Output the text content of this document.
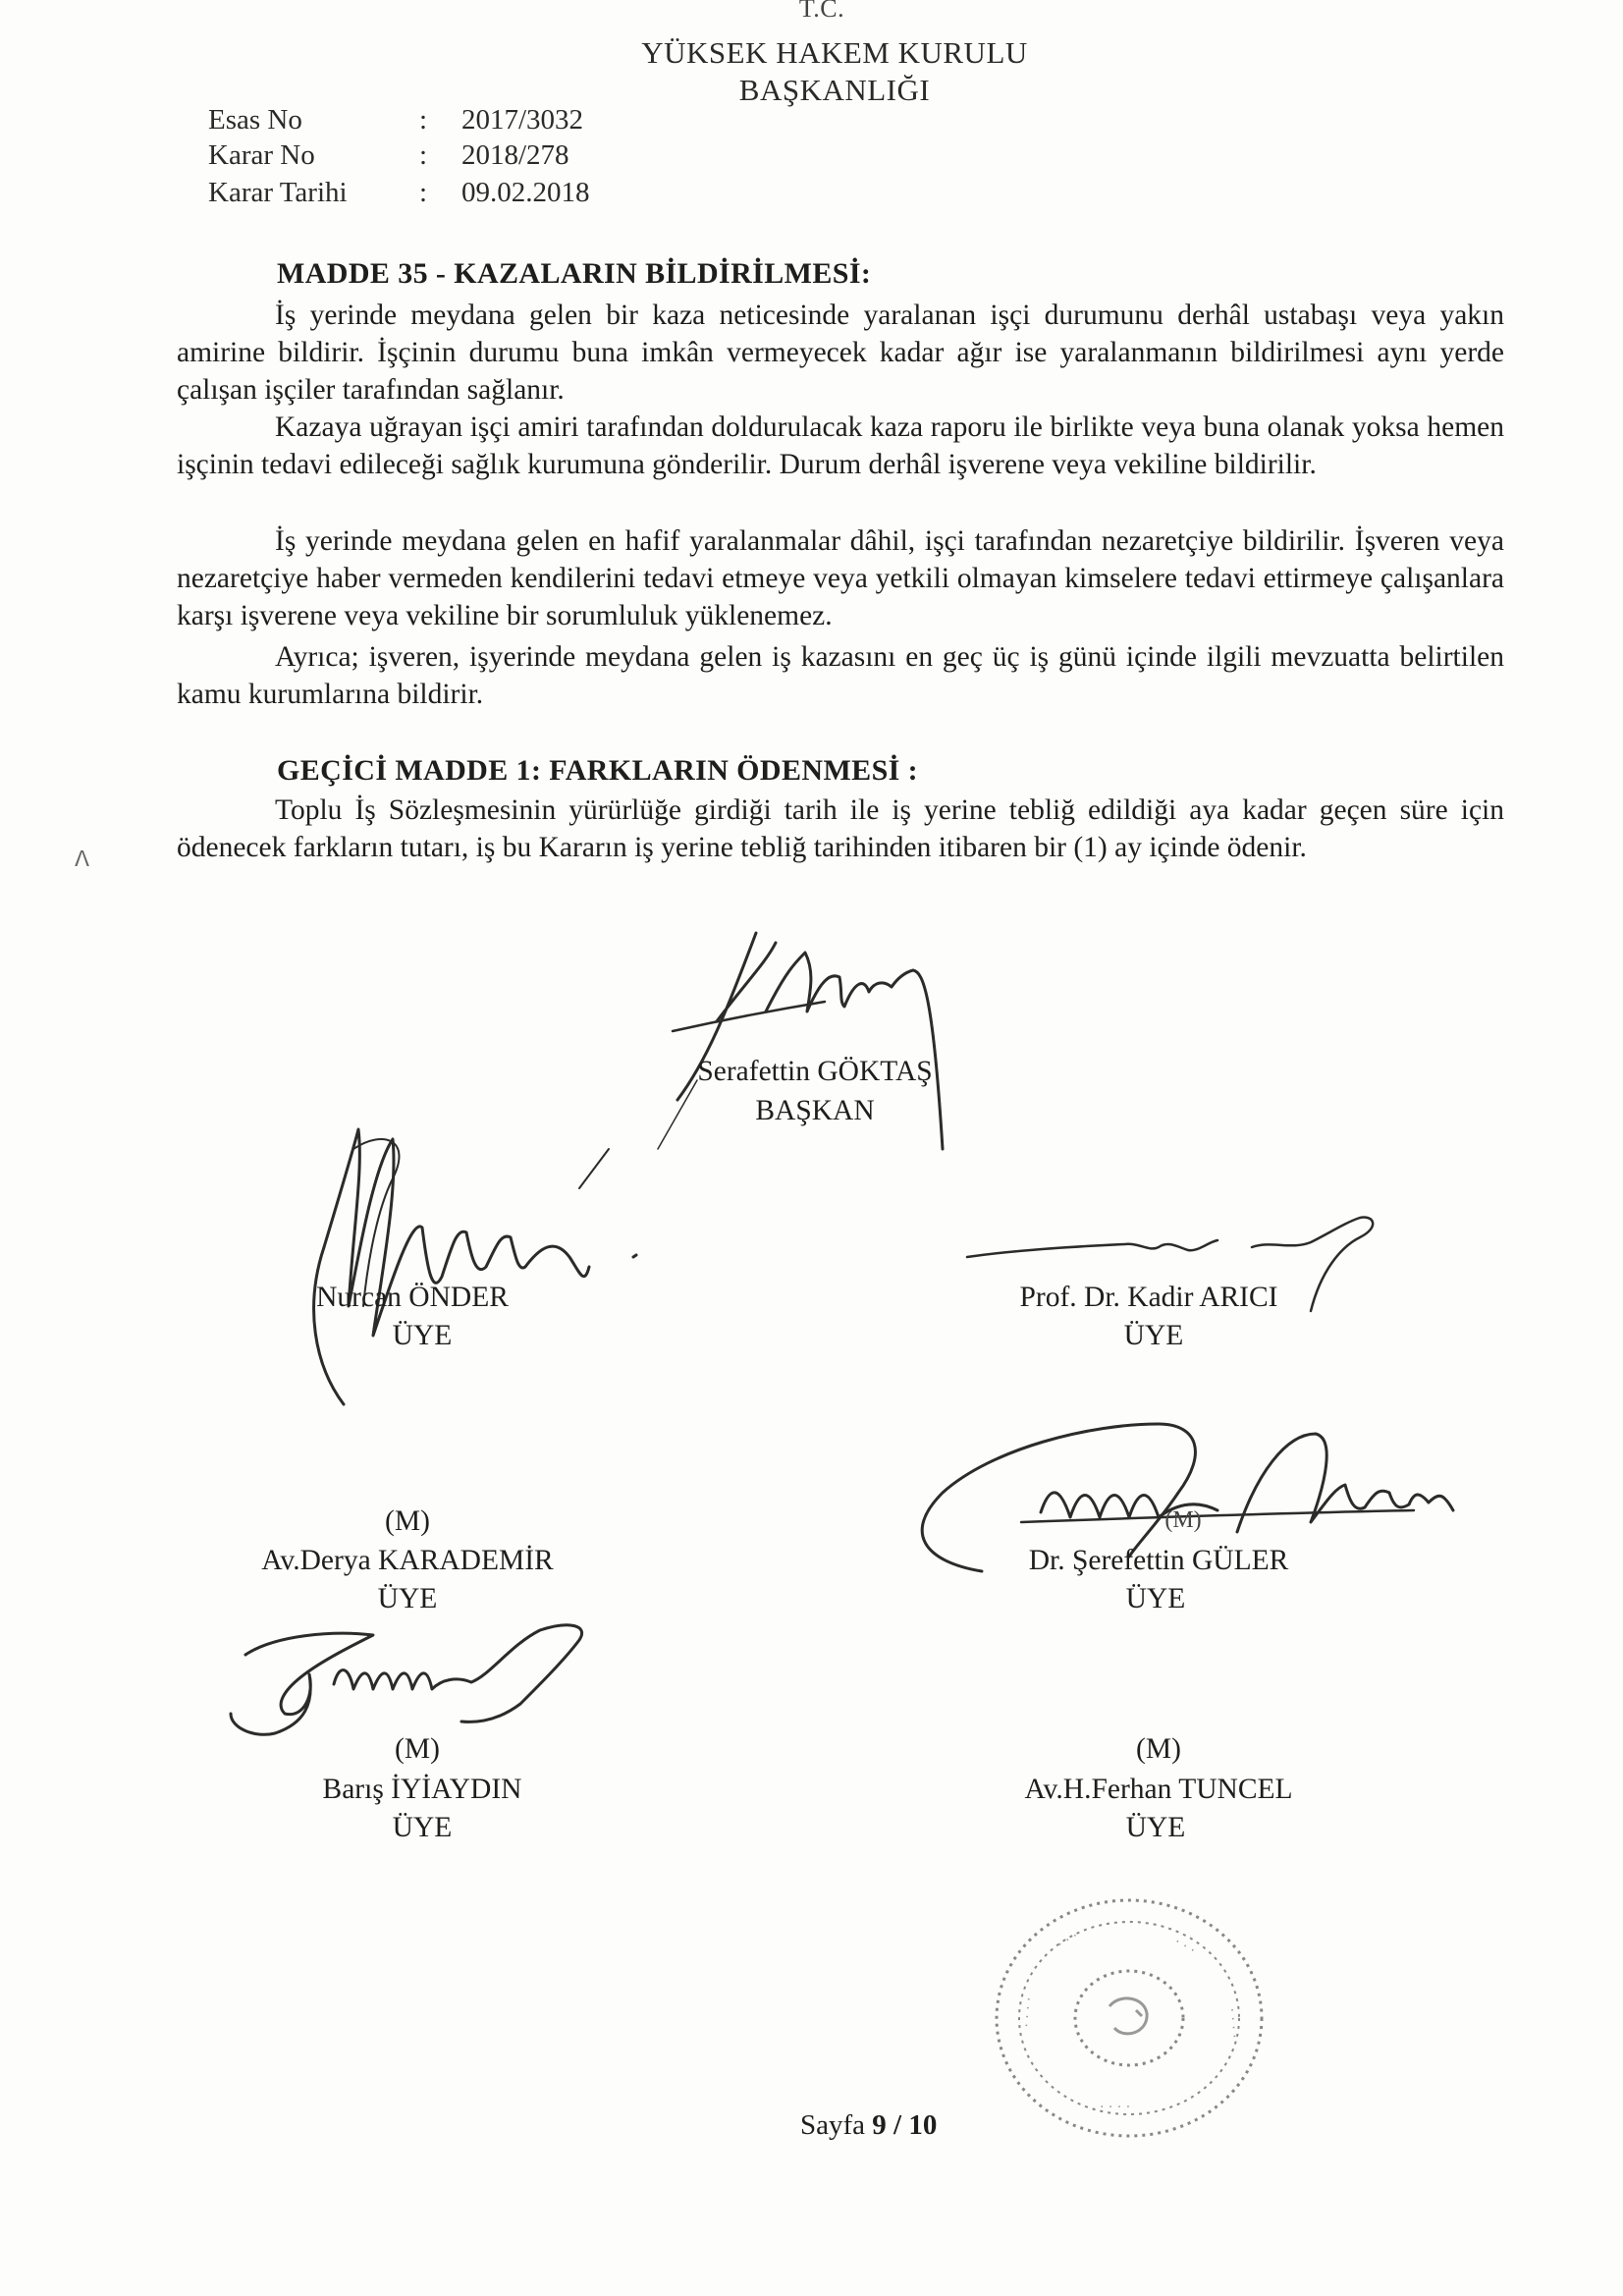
T.C.
YÜKSEK HAKEM KURULU
BAŞKANLIĞI
Esas No	: 2017/3032
Karar No	: 2018/278
Karar Tarihi	: 09.02.2018
MADDE 35 - KAZALARIN BİLDİRİLMESİ:
İş yerinde meydana gelen bir kaza neticesinde yaralanan işçi durumunu derhâl ustabaşı veya yakın amirine bildirir. İşçinin durumu buna imkân vermeyecek kadar ağır ise yaralanmanın bildirilmesi aynı yerde çalışan işçiler tarafından sağlanır.
Kazaya uğrayan işçi amiri tarafından doldurulacak kaza raporu ile birlikte veya buna olanak yoksa hemen işçinin tedavi edileceği sağlık kurumuna gönderilir. Durum derhâl işverene veya vekiline bildirilir.
İş yerinde meydana gelen en hafif yaralanmalar dâhil, işçi tarafından nezaretçiye bildirilir. İşveren veya nezaretçiye haber vermeden kendilerini tedavi etmeye veya yetkili olmayan kimselere tedavi ettirmeye çalışanlara karşı işverene veya vekiline bir sorumluluk yüklenemez.
Ayrıca; işveren, işyerinde meydana gelen iş kazasını en geç üç iş günü içinde ilgili mevzuatta belirtilen kamu kurumlarına bildirir.
GEÇİCİ MADDE 1: FARKLARIN ÖDENMESİ :
Toplu İş Sözleşmesinin yürürlüğe girdiği tarih ile iş yerine tebliğ edildiği aya kadar geçen süre için ödenecek farkların tutarı, iş bu Kararın iş yerine tebliğ tarihinden itibaren bir (1) ay içinde ödenir.
ⴷ
Serafettin GÖKTAŞ
BAŞKAN
Nurcan ÖNDER
ÜYE
Prof. Dr. Kadir ARICI
ÜYE
(M)
Av.Derya KARADEMİR
ÜYE
(M)
Dr. Şerefettin GÜLER
ÜYE
(M)
Barış İYİAYDIN
ÜYE
(M)
Av.H.Ferhan TUNCEL
ÜYE
· · ·	· · ·
· · · ·	· · · ·
· · · ·
Sayfa 9 / 10
